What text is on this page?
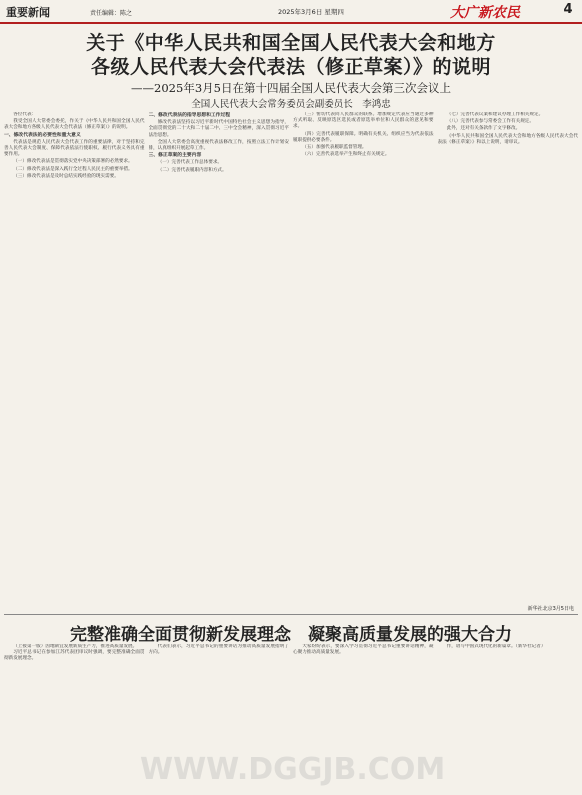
重要新闻	责任编辑：陈之	2025年3月6日 星期四	大广新农民	4
关于《中华人民共和国全国人民代表大会和地方
各级人民代表大会代表法（修正草案）》的说明
——2025年3月5日在第十四届全国人民代表大会第三次会议上
全国人民代表大会常务委员会副委员长　李鸿忠

各位代表：

我受全国人大常委会委托，作关于《中华人民共和国全国人民代表大会和地方各级人民代表大会代表法（修正草案）》的说明。

一、修改代表法的必要性和重大意义

代表法是规范人民代表大会代表工作的重要法律，对于坚持和完善人民代表大会制度、保障代表依法行使职权、履行代表义务具有重要作用。

（一）修改代表法是贯彻落实党中央决策部署的必然要求。

（二）修改代表法是深入践行全过程人民民主的重要举措。

（三）修改代表法是及时总结实践经验的现实需要。

二、修改代表法的指导思想和工作过程

修改代表法坚持以习近平新时代中国特色社会主义思想为指导，全面贯彻党的二十大和二十届二中、三中全会精神，深入贯彻习近平法治思想。

全国人大常委会高度重视代表法修改工作，按照立法工作计划安排，认真组织开展起草工作。

三、修正草案的主要内容

（一）完善代表工作总体要求。

（二）完善代表履职内容和方式。

（三）密切代表同人民群众的联系。增加规定代表应当通过多种方式听取、反映原选区选民或者原选举单位和人民群众的意见和要求。

（四）完善代表履职保障。明确有关机关、组织应当为代表依法履职提供必要条件。

（五）加强代表履职监督管理。

（六）完善代表选举产生和终止有关规定。

（七）完善代表议案和建议办理工作相关规定。

（八）完善代表参与常委会工作有关规定。

此外，还对有关条款作了文字修改。

《中华人民共和国全国人民代表大会和地方各级人民代表大会代表法（修正草案）》和以上说明，请审议。

新华社北京3月5日电
完整准确全面贯彻新发展理念　凝聚高质量发展的强大合力

（上接第一版）因地制宜发展新质生产力，推进高质量发展。

习近平总书记在参加江苏代表团审议时强调，要完整准确全面贯彻新发展理念。

代表们表示，习近平总书记的重要讲话为推动高质量发展指明了方向。

大家纷纷表示，要深入学习贯彻习近平总书记重要讲话精神，凝心聚力推动高质量发展。

作，谱写中国式现代化的新篇章。（新华社记者）

WWW.DGGJB.COM
